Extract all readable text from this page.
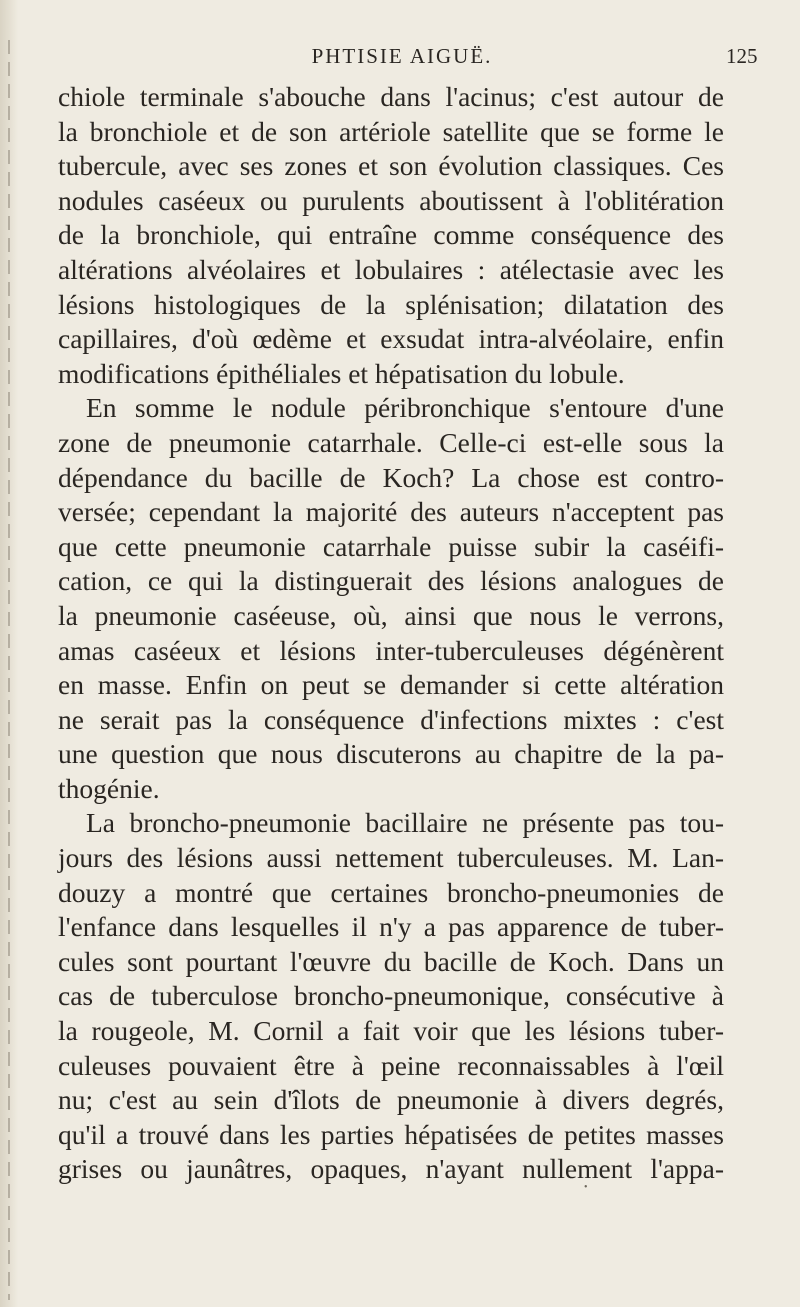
PHTISIE AIGUË.	125
chiole terminale s'abouche dans l'acinus; c'est autour de
la bronchiole et de son artériole satellite que se forme le
tubercule, avec ses zones et son évolution classiques. Ces
nodules caséeux ou purulents aboutissent à l'oblitération
de la bronchiole, qui entraîne comme conséquence des
altérations alvéolaires et lobulaires : atélectasie avec les
lésions histologiques de la splénisation; dilatation des
capillaires, d'où œdème et exsudat intra-alvéolaire, enfin
modifications épithéliales et hépatisation du lobule.
En somme le nodule péribronchique s'entoure d'une
zone de pneumonie catarrhale. Celle-ci est-elle sous la
dépendance du bacille de Koch? La chose est contro-
versée; cependant la majorité des auteurs n'acceptent pas
que cette pneumonie catarrhale puisse subir la caséifi-
cation, ce qui la distinguerait des lésions analogues de
la pneumonie caséeuse, où, ainsi que nous le verrons,
amas caséeux et lésions inter-tuberculeuses dégénèrent
en masse. Enfin on peut se demander si cette altération
ne serait pas la conséquence d'infections mixtes : c'est
une question que nous discuterons au chapitre de la pa-
thogénie.
La broncho-pneumonie bacillaire ne présente pas tou-
jours des lésions aussi nettement tuberculeuses. M. Lan-
douzy a montré que certaines broncho-pneumonies de
l'enfance dans lesquelles il n'y a pas apparence de tuber-
cules sont pourtant l'œuvre du bacille de Koch. Dans un
cas de tuberculose broncho-pneumonique, consécutive à
la rougeole, M. Cornil a fait voir que les lésions tuber-
culeuses pouvaient être à peine reconnaissables à l'œil
nu; c'est au sein d'îlots de pneumonie à divers degrés,
qu'il a trouvé dans les parties hépatisées de petites masses
grises ou jaunâtres, opaques, n'ayant nullement l'appa-
•
